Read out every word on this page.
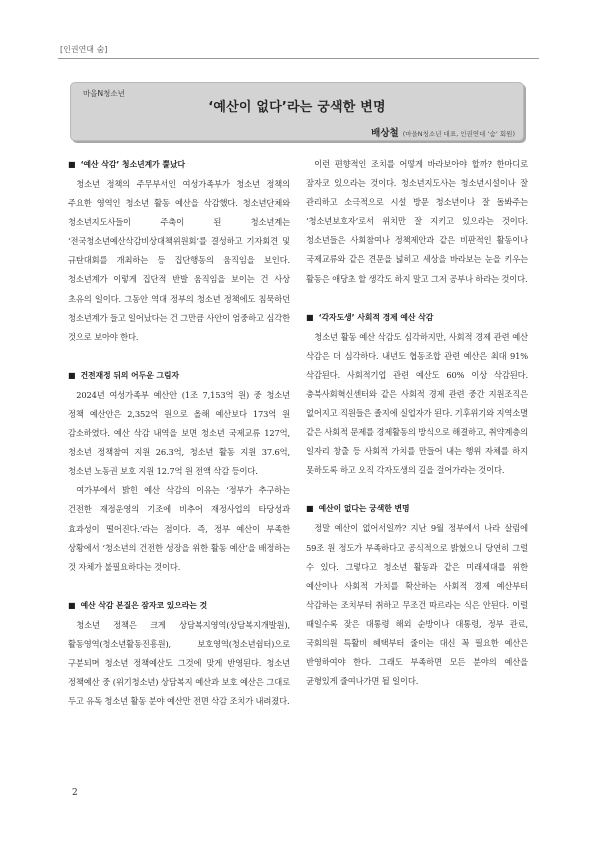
[인권연대 숨]
마을N청소년
‘예산이 없다’라는 궁색한 변명
배상철 (마을N청소년 대표, 인권연대 ‘숨’ 회원)
■ ‘예산 삭감’ 청소년계가 뿔났다

청소년 정책의 주무부서인 여성가족부가 청소년 정책의 주요한 영역인 청소년 활동 예산을 삭감했다. 청소년단체와 청소년지도사들이 주축이 된 청소년계는 ‘전국청소년예산삭감비상대책위원회’를 결성하고 기자회견 및 규탄대회를 개최하는 등 집단행동의 움직임을 보인다. 청소년계가 이렇게 집단적 반발 움직임을 보이는 건 사상 초유의 일이다. 그동안 역대 정부의 청소년 정책에도 침묵하던 청소년계가 들고 일어났다는 건 그만큼 사안이 엄중하고 심각한 것으로 보아야 한다.

■ 건전재정 뒤의 어두운 그림자

2024년 여성가족부 예산안 (1조 7,153억 원) 중 청소년 정책 예산안은 2,352억 원으로 올해 예산보다 173억 원 감소하였다. 예산 삭감 내역을 보면 청소년 국제교류 127억, 청소년 정책참여 지원 26.3억, 청소년 활동 지원 37.6억, 청소년 노동권 보호 지원 12.7억 원 전액 삭감 등이다.

여가부에서 밝힌 예산 삭감의 이유는 ‘정부가 추구하는 건전한 재정운영의 기조에 비추어 재정사업의 타당성과 효과성이 떨어진다.’라는 점이다. 즉, 정부 예산이 부족한 상황에서 ‘청소년의 건전한 성장을 위한 활동 예산’을 배정하는 것 자체가 불필요하다는 것이다.

■ 예산 삭감 본질은 잠자코 있으라는 것

청소년 정책은 크게 상담복지영역(상담복지개발원), 활동영역(청소년활동진흥원), 보호영역(청소년쉼터)으로 구분되며 청소년 정책예산도 그것에 맞게 반영된다. 청소년 정책예산 중 (위기청소년) 상담복지 예산과 보호 예산은 그대로 두고 유독 청소년 활동 분야 예산만 전면 삭감 조치가 내려졌다.

이런 편향적인 조치를 어떻게 바라보아야 할까? 한마디로 잠자코 있으라는 것이다. 청소년지도사는 청소년시설이나 잘 관리하고 소극적으로 시설 방문 청소년이나 잘 돌봐주는 ‘청소년보호자’로서 위치만 잘 지키고 있으라는 것이다. 청소년들은 사회참여나 정책제안과 같은 비판적인 활동이나 국제교류와 같은 견문을 넓히고 세상을 바라보는 눈을 키우는 활동은 애당초 할 생각도 하지 말고 그저 공부나 하라는 것이다.

■ ‘각자도생’ 사회적 경제 예산 삭감

청소년 활동 예산 삭감도 심각하지만, 사회적 경제 관련 예산 삭감은 더 심각하다. 내년도 협동조합 관련 예산은 최대 91% 삭감된다. 사회적기업 관련 예산도 60% 이상 삭감된다. 충북사회혁신센터와 같은 사회적 경제 관련 중간 지원조직은 없어지고 직원들은 졸지에 실업자가 된다. 기후위기와 지역소멸 같은 사회적 문제를 경제활동의 방식으로 해결하고, 취약계층의 일자리 창출 등 사회적 가치를 만들어 내는 행위 자체를 하지 못하도록 하고 오직 각자도생의 길을 걸어가라는 것이다.

■ 예산이 없다는 궁색한 변명

정말 예산이 없어서일까? 지난 9월 정부에서 나라 살림에 59조 원 정도가 부족하다고 공식적으로 밝혔으니 당연히 그럴 수 있다. 그렇다고 청소년 활동과 같은 미래세대를 위한 예산이나 사회적 가치를 확산하는 사회적 경제 예산부터 삭감하는 조치부터 취하고 무조건 따르라는 식은 안된다. 이럴 때일수록 잦은 대통령 해외 순방이나 대통령, 정부 관료, 국회의원 특활비 혜택부터 줄이는 대신 꼭 필요한 예산은 반영하여야 한다. 그래도 부족하면 모든 분야의 예산을 균형있게 줄여나가면 될 일이다.

2
